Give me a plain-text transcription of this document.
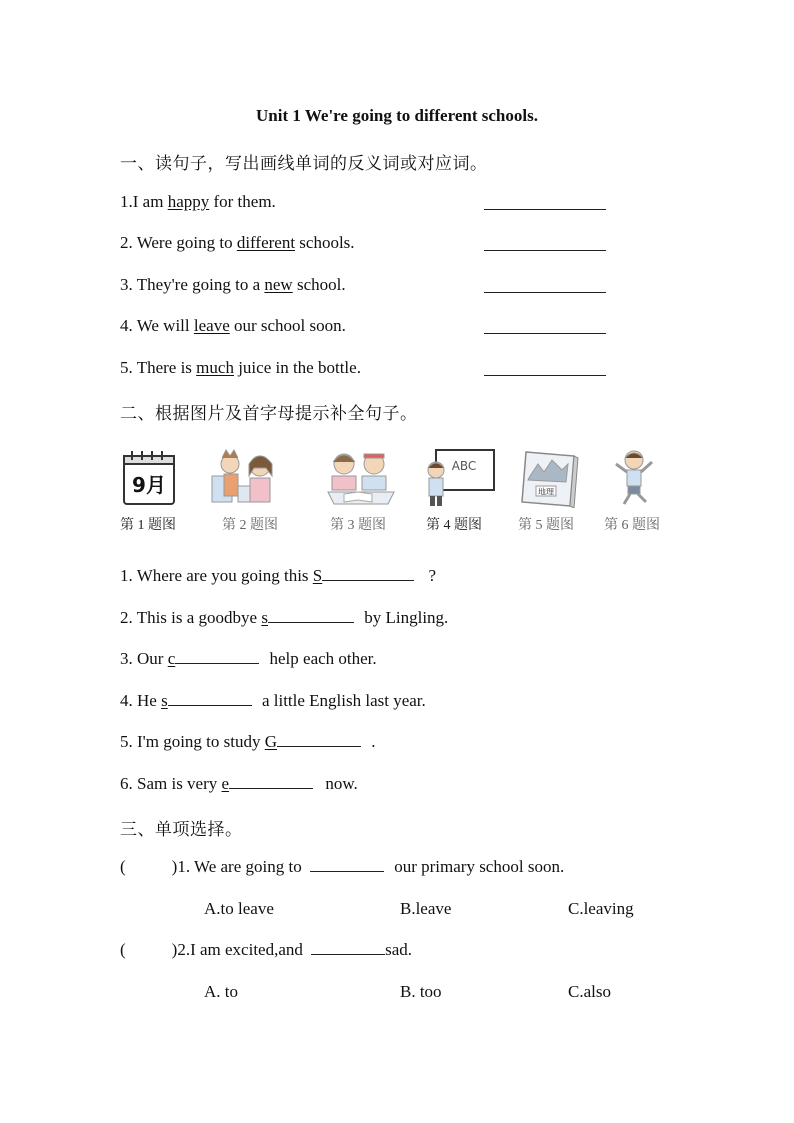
Unit 1 We're going to different schools.
一、读句子，写出画线单词的反义词或对应词。
1.I am happy for them.
2. Were going to different schools.
3. They're going to a new school.
4. We will leave our school soon.
5. There is much juice in the bottle.
二、根据图片及首字母提示补全句子。
9月
ABC
地理
第 1 题图	第 2 题图	第 3 题图	第 4 题图	第 5 题图 第 6 题图
1. Where are you going this S	?
2. This is a goodbye s	by Lingling.
3. Our c	help each other.
4. He s	a little English last year.
5. I'm going to study G	.
6. Sam is very e	now.
三、单项选择。
(	)1. We are going to	our primary school soon.
A.to leave	B.leave	C.leaving
(	)2.I am excited,and	sad.
A. to	B. too	C.also
